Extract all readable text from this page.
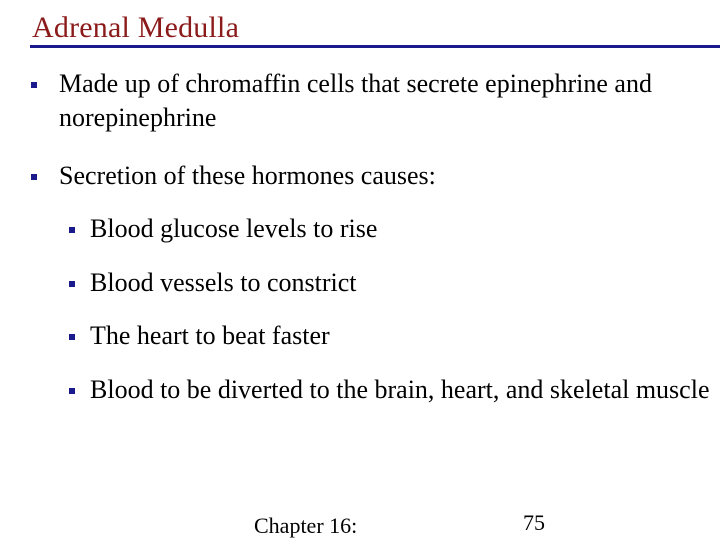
Adrenal Medulla
Made up of chromaffin cells that secrete epinephrine and norepinephrine
Secretion of these hormones causes:
Blood glucose levels to rise
Blood vessels to constrict
The heart to beat faster
Blood to be diverted to the brain, heart, and skeletal muscle
Chapter 16:	75
